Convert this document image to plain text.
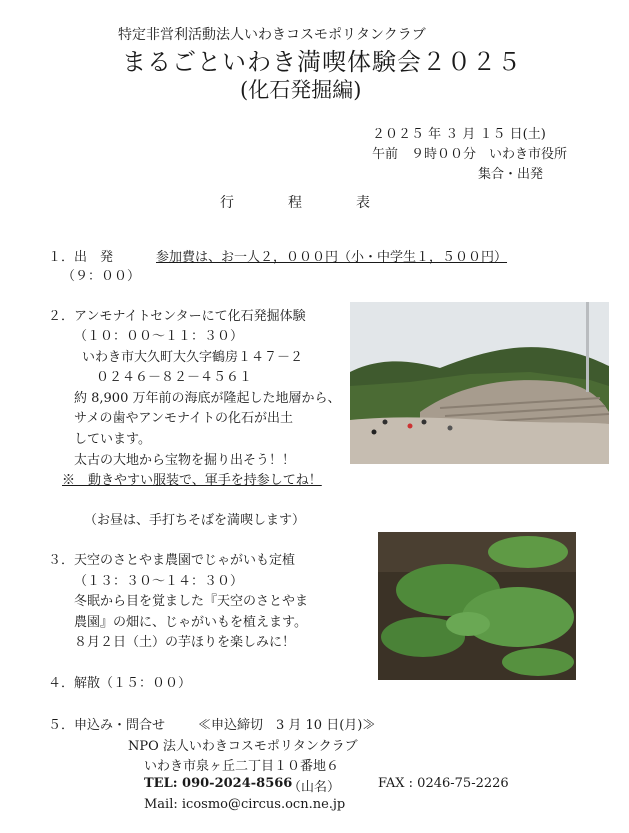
特定非営利活動法人いわきコスモポリタンクラブ
まるごといわき満喫体験会２０２５
(化石発掘編)
２０２５ 年 ３ 月 １５ 日(土)
午前　９時００分　いわき市役所
集合・出発
行　程　表
１． 出　発	参加費は、お一人２，０００円（小・中学生１，５００円）
（９：００）
２． アンモナイトセンターにて化石発掘体験
（１０：００～１１：３０）
いわき市大久町大久字鶴房１４７－２
０２４６－８２－４５６１
約 8,900 万年前の海底が隆起した地層から、
サメの歯やアンモナイトの化石が出土
しています。
太古の大地から宝物を掘り出そう！！
※　動きやすい服装で、軍手を持参してね！
（お昼は、手打ちそばを満喫します）
３． 天空のさとやま農園でじゃがいも定植
（１３：３０～１４：３０）
冬眠から目を覚ました『天空のさとやま
農園』の畑に、じゃがいもを植えます。
８月２日（土）の芋ほりを楽しみに！
４． 解散（１５：００）
５． 申込み・問合せ	≪申込締切　3 月 10 日(月)≫
NPO 法人いわきコスモポリタンクラブ
いわき市泉ヶ丘二丁目１０番地６
TEL: 090-2024-8566
（山名）	FAX : 0246-75-2226
Mail: icosmo@circus.ocn.ne.jp
